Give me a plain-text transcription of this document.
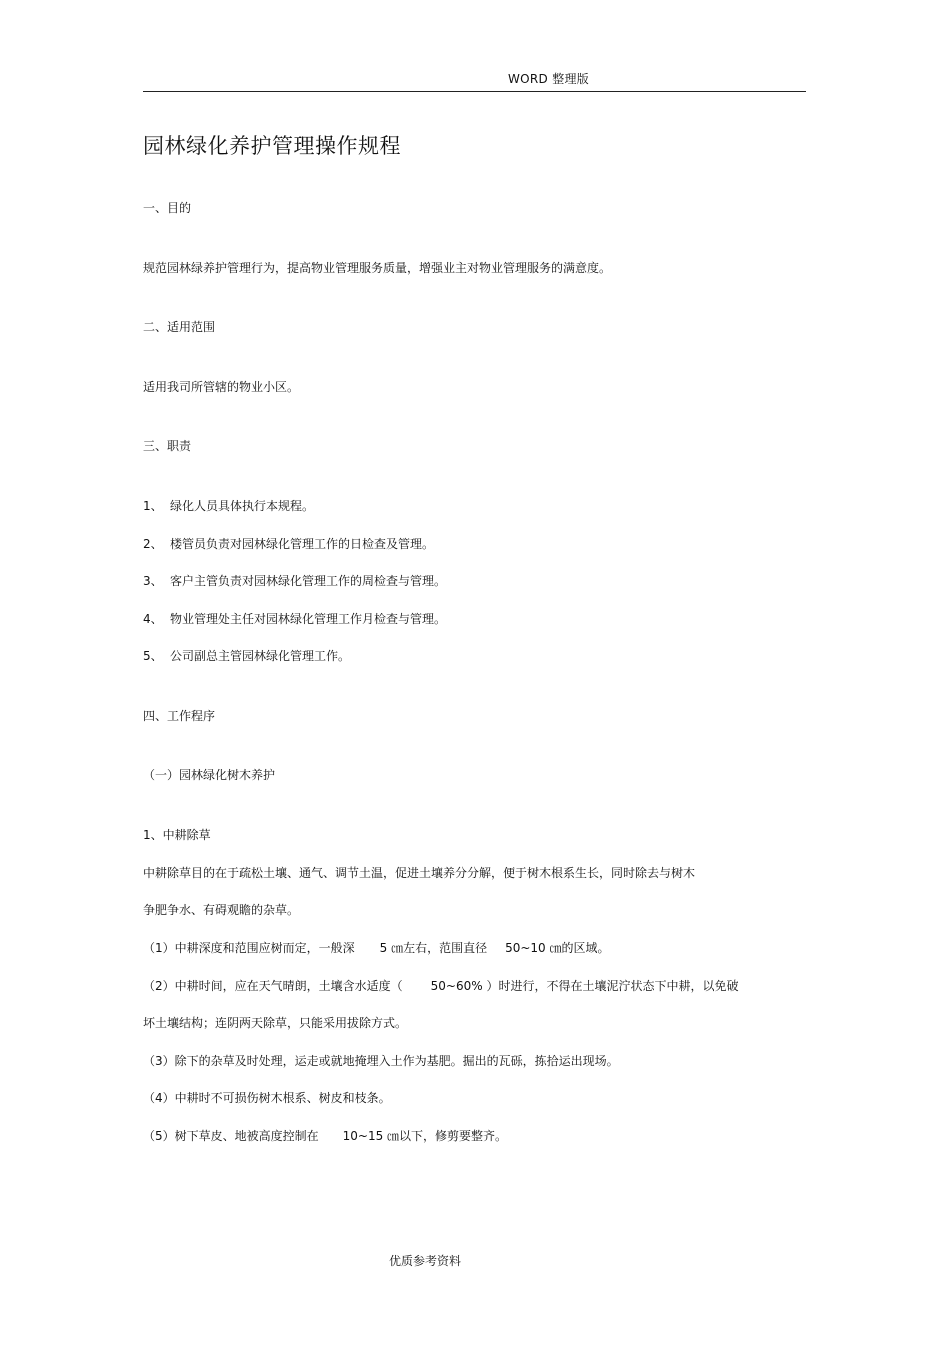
WORD 整理版
园林绿化养护管理操作规程
一、目的
规范园林绿养护管理行为，提高物业管理服务质量，增强业主对物业管理服务的满意度。
二、适用范围
适用我司所管辖的物业小区。
三、职责
1、 绿化人员具体执行本规程。
2、 楼管员负责对园林绿化管理工作的日检查及管理。
3、 客户主管负责对园林绿化管理工作的周检查与管理。
4、 物业管理处主任对园林绿化管理工作月检查与管理。
5、 公司副总主管园林绿化管理工作。
四、工作程序
（一）园林绿化树木养护
1、中耕除草
中耕除草目的在于疏松土壤、通气、调节土温，促进土壤养分分解，便于树木根系生长，同时除去与树木
争肥争水、有碍观瞻的杂草。
（1）中耕深度和范围应树而定，一般深 5 ㎝左右，范围直径 50~10 ㎝的区域。
（2）中耕时间，应在天气晴朗，土壤含水适度（ 50~60% ）时进行，不得在土壤泥泞状态下中耕，以免破
坏土壤结构；连阴两天除草，只能采用拔除方式。
（3）除下的杂草及时处理，运走或就地掩埋入土作为基肥。掘出的瓦砾，拣拾运出现场。
（4）中耕时不可损伤树木根系、树皮和枝条。
（5）树下草皮、地被高度控制在 10~15 ㎝以下，修剪要整齐。
优质参考资料
